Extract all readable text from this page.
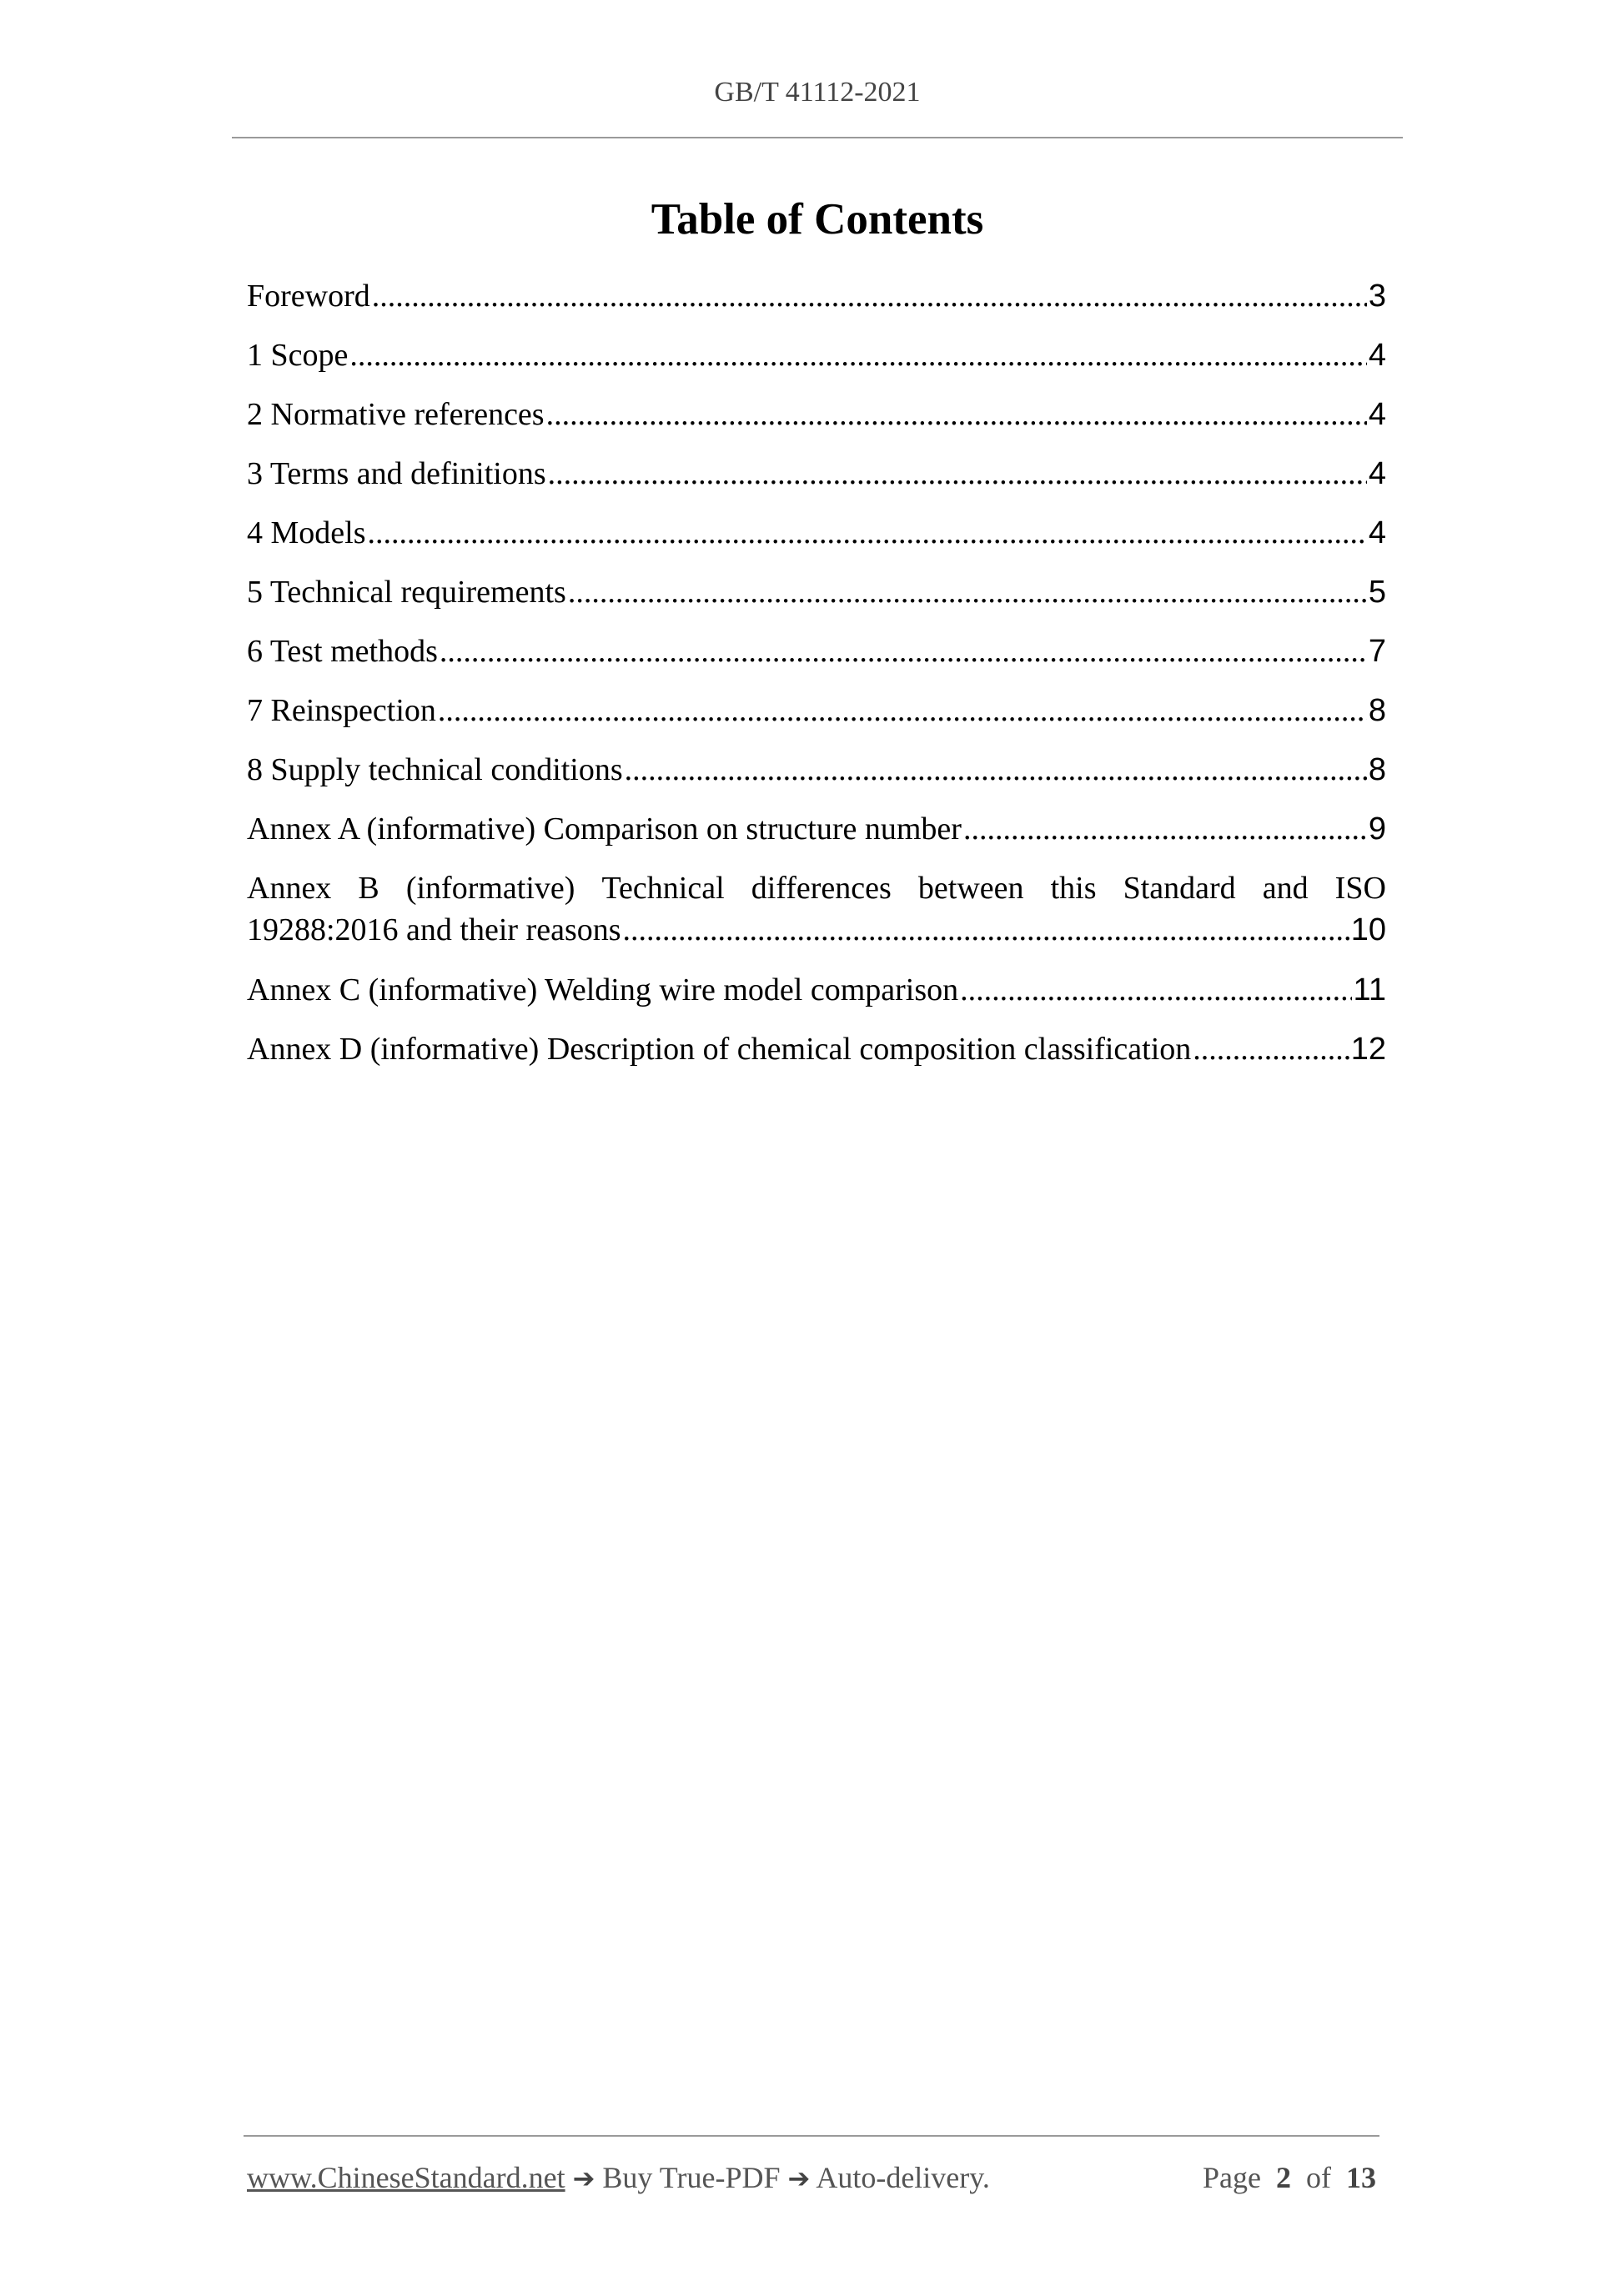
GB/T 41112-2021
Table of Contents
Foreword .....	3
1 Scope .....	4
2 Normative references .....	4
3 Terms and definitions .....	4
4 Models .....	4
5 Technical requirements .....	5
6 Test methods .....	7
7 Reinspection .....	8
8 Supply technical conditions .....	8
Annex A (informative) Comparison on structure number .....	9
Annex B (informative) Technical differences between this Standard and ISO
19288:2016 and their reasons .....	10
Annex C (informative) Welding wire model comparison .....	11
Annex D (informative) Description of chemical composition classification .....	12
www.ChineseStandard.net ➔ Buy True-PDF ➔ Auto-delivery.	Page 2 of 13
